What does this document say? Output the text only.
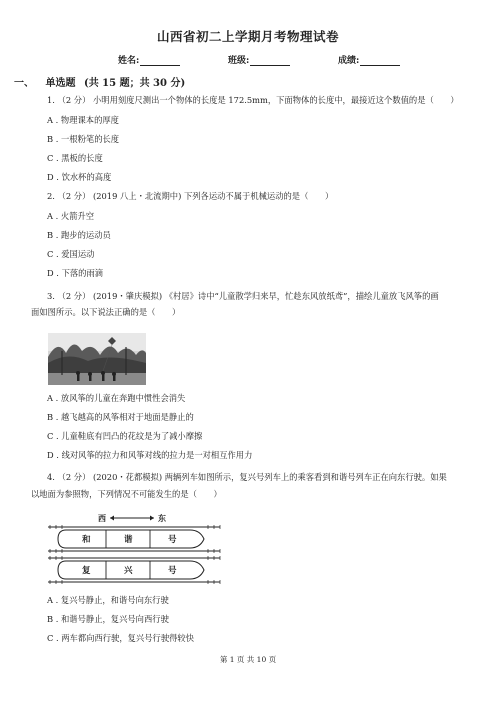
山西省初二上学期月考物理试卷
姓名:	班级:	成绩:
一、 单选题 (共 15 题；共 30 分)
1. （2 分） 小明用刻度尺测出一个物体的长度是 172.5mm，下面物体的长度中，最接近这个数值的是（　　）
A . 物理课本的厚度
B . 一根粉笔的长度
C . 黑板的长度
D . 饮水杯的高度
2. （2 分） (2019 八上・北流期中) 下列各运动不属于机械运动的是（　　）
A . 火箭升空
B . 跑步的运动员
C . 爱国运动
D . 下落的雨滴
3. （2 分） (2019・肇庆模拟) 《村居》诗中“儿童散学归来早，忙趁东风放纸鸢”，描绘儿童放飞风筝的画
面如图所示。以下说法正确的是（　　）
A . 放风筝的儿童在奔跑中惯性会消失
B . 越飞越高的风筝相对于地面是静止的
C . 儿童鞋底有凹凸的花纹是为了减小摩擦
D . 线对风筝的拉力和风筝对线的拉力是一对相互作用力
4. （2 分） (2020・花都模拟) 两辆列车如图所示，复兴号列车上的乘客看到和谐号列车正在向东行驶。如果
以地面为参照物，下列情况不可能发生的是（　　）
西	东
和	谐	号
复	兴	号
A . 复兴号静止，和谐号向东行驶
B . 和谐号静止，复兴号向西行驶
C . 两车都向西行驶，复兴号行驶得较快
第 1 页 共 10 页
